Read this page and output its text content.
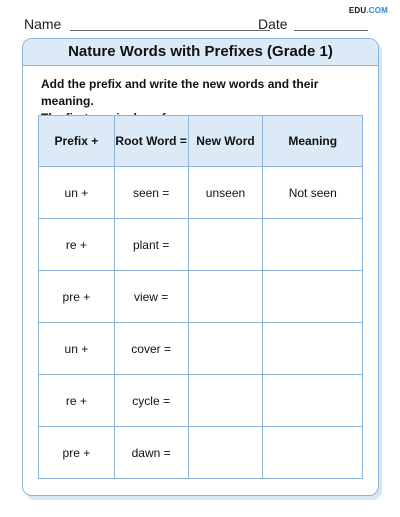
Name	Date
EDU.COM
Nature Words with Prefixes (Grade 1)
Add the prefix and write the new words and their meaning.
Prefix +	Root Word =	New Word	Meaning
un +	seen =	unseen	Not seen
re +	plant =		
pre +	view =		
un +	cover =		
re +	cycle =		
pre +	dawn =		
